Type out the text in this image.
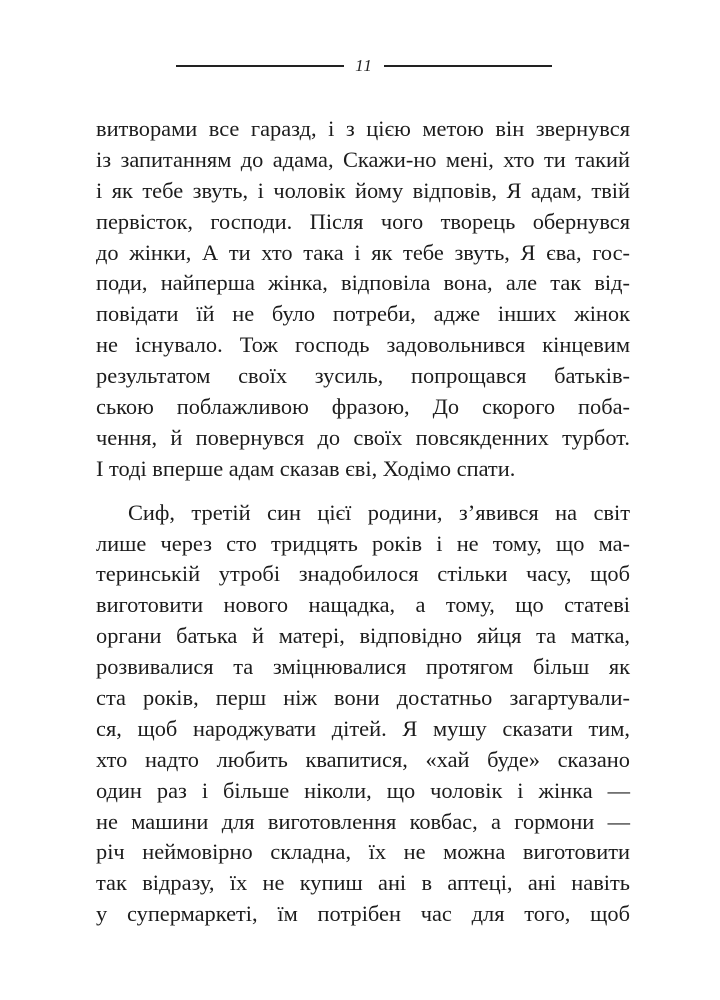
11
витворами все гаразд, і з цією метою він звернувся
із запитанням до адама, Скажи-но мені, хто ти такий
і як тебе звуть, і чоловік йому відповів, Я адам, твій
первісток, господи. Після чого творець обернувся
до жінки, А ти хто така і як тебе звуть, Я єва, гос-
поди, найперша жінка, відповіла вона, але так від-
повідати їй не було потреби, адже інших жінок
не існувало. Тож господь задовольнився кінцевим
результатом своїх зусиль, попрощався батьків-
ською поблажливою фразою, До скорого поба-
чення, й повернувся до своїх повсякденних турбот.
І тоді вперше адам сказав єві, Ходімо спати.
Сиф, третій син цієї родини, з’явився на світ
лише через сто тридцять років і не тому, що ма-
теринській утробі знадобилося стільки часу, щоб
виготовити нового нащадка, а тому, що статеві
органи батька й матері, відповідно яйця та матка,
розвивалися та зміцнювалися протягом більш як
ста років, перш ніж вони достатньо загартували-
ся, щоб народжувати дітей. Я мушу сказати тим,
хто надто любить квапитися, «хай буде» сказано
один раз і більше ніколи, що чоловік і жінка —
не машини для виготовлення ковбас, а гормони —
річ неймовірно складна, їх не можна виготовити
так відразу, їх не купиш ані в аптеці, ані навіть
у супермаркеті, їм потрібен час для того, щоб
